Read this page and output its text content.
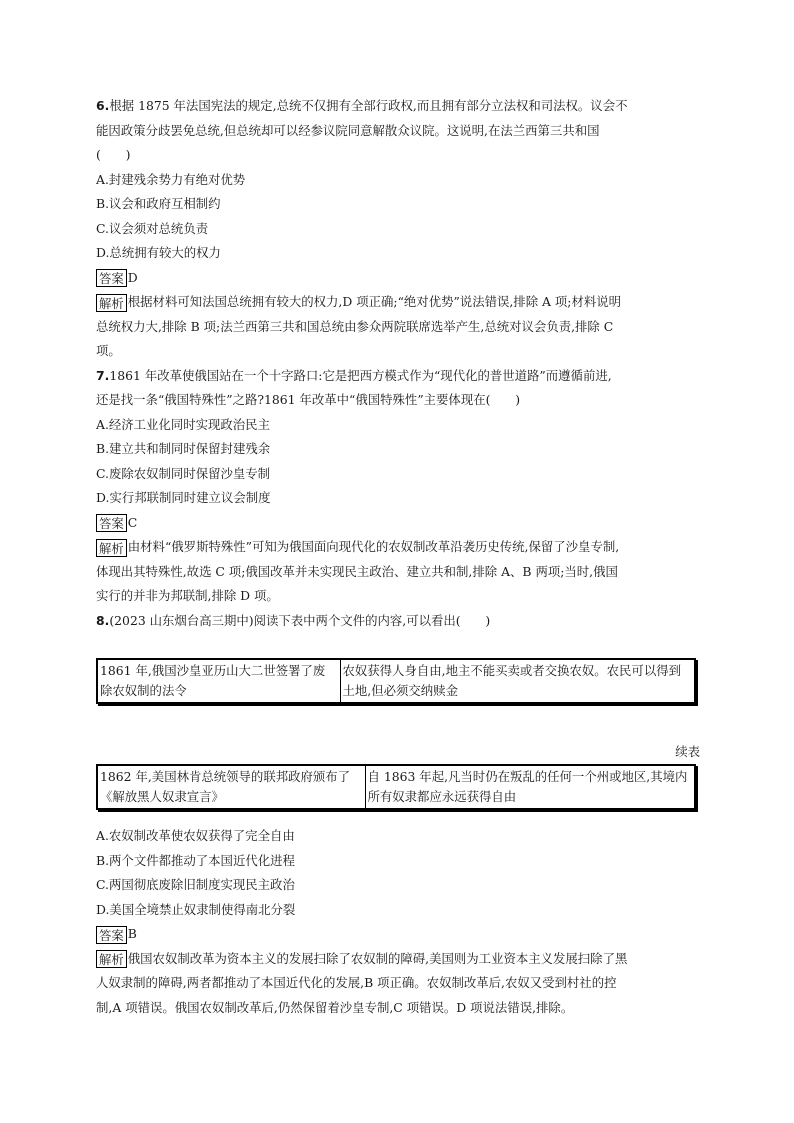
6.根据 1875 年法国宪法的规定,总统不仅拥有全部行政权,而且拥有部分立法权和司法权。议会不
能因政策分歧罢免总统,但总统却可以经参议院同意解散众议院。这说明,在法兰西第三共和国
(　　)
A.封建残余势力有绝对优势
B.议会和政府互相制约
C.议会须对总统负责
D.总统拥有较大的权力
答案 D
解析 根据材料可知法国总统拥有较大的权力,D 项正确;“绝对优势”说法错误,排除 A 项;材料说明
总统权力大,排除 B 项;法兰西第三共和国总统由参众两院联席选举产生,总统对议会负责,排除 C
项。
7.1861 年改革使俄国站在一个十字路口:它是把西方模式作为“现代化的普世道路”而遵循前进,
还是找一条“俄国特殊性”之路?1861 年改革中“俄国特殊性”主要体现在(　　)
A.经济工业化同时实现政治民主
B.建立共和制同时保留封建残余
C.废除农奴制同时保留沙皇专制
D.实行邦联制同时建立议会制度
答案 C
解析 由材料“俄罗斯特殊性”可知为俄国面向现代化的农奴制改革沿袭历史传统,保留了沙皇专制,
体现出其特殊性,故选 C 项;俄国改革并未实现民主政治、建立共和制,排除 A、B 两项;当时,俄国
实行的并非为邦联制,排除 D 项。
8.(2023 山东烟台高三期中)阅读下表中两个文件的内容,可以看出(　　)
1861 年,俄国沙皇亚历山大二世签署了废除农奴制的法令	农奴获得人身自由,地主不能买卖或者交换农奴。农民可以得到土地,但必须交纳赎金
续表
1862 年,美国林肯总统领导的联邦政府颁布了《解放黑人奴隶宣言》	自 1863 年起,凡当时仍在叛乱的任何一个州或地区,其境内所有奴隶都应永远获得自由
A.农奴制改革使农奴获得了完全自由
B.两个文件都推动了本国近代化进程
C.两国彻底废除旧制度实现民主政治
D.美国全境禁止奴隶制使得南北分裂
答案 B
解析 俄国农奴制改革为资本主义的发展扫除了农奴制的障碍,美国则为工业资本主义发展扫除了黑
人奴隶制的障碍,两者都推动了本国近代化的发展,B 项正确。农奴制改革后,农奴又受到村社的控
制,A 项错误。俄国农奴制改革后,仍然保留着沙皇专制,C 项错误。D 项说法错误,排除。
